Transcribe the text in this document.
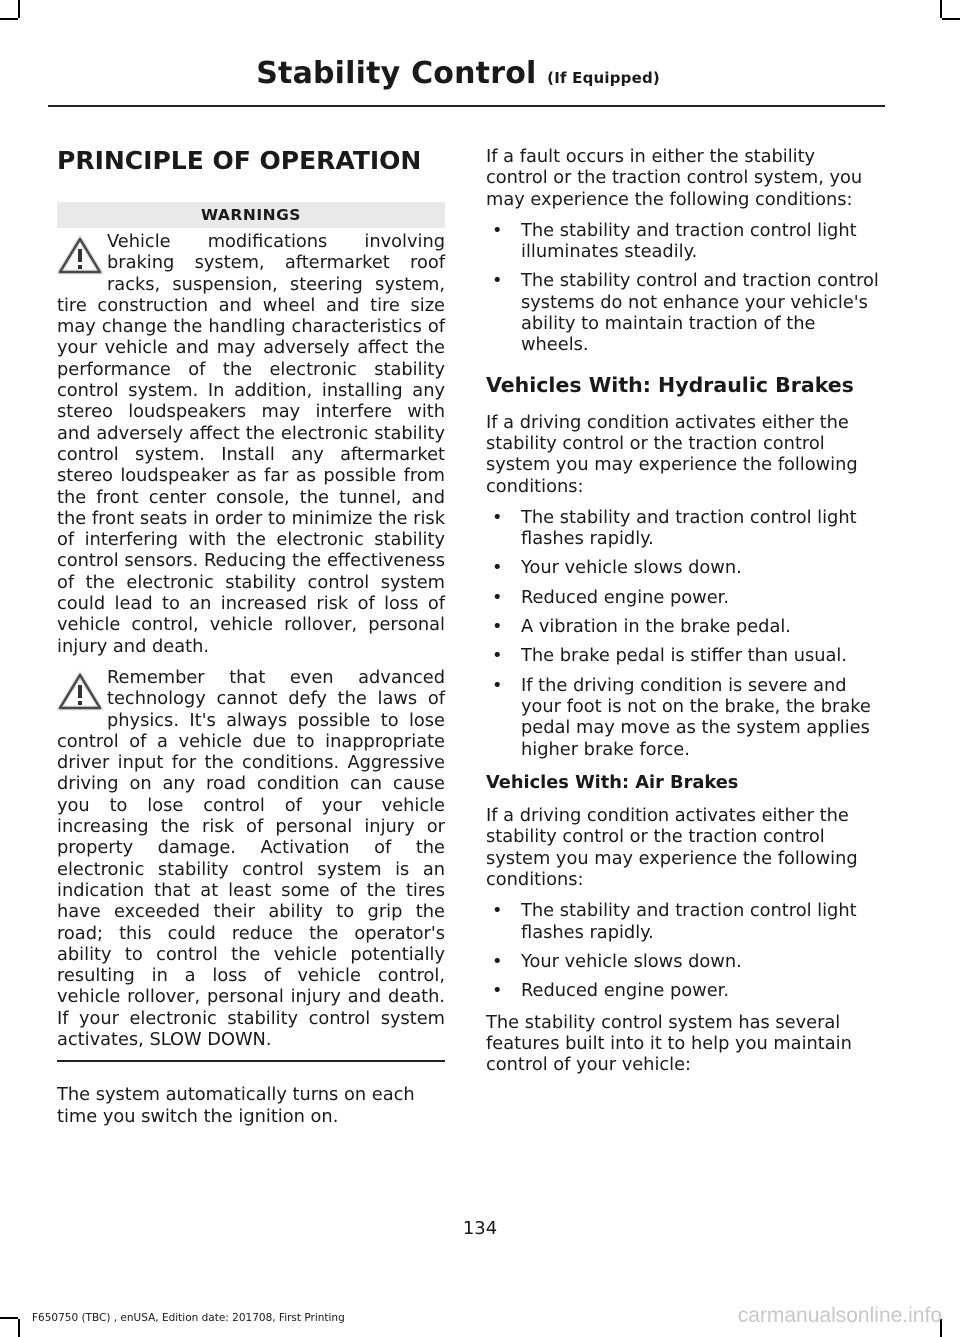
Stability Control (If Equipped)
PRINCIPLE OF OPERATION
WARNINGS

Vehicle modifications involving braking system, aftermarket roof racks, suspension, steering system, tire construction and wheel and tire size may change the handling characteristics of your vehicle and may adversely affect the performance of the electronic stability control system. In addition, installing any stereo loudspeakers may interfere with and adversely affect the electronic stability control system. Install any aftermarket stereo loudspeaker as far as possible from the front center console, the tunnel, and the front seats in order to minimize the risk of interfering with the electronic stability control sensors. Reducing the effectiveness of the electronic stability control system could lead to an increased risk of loss of vehicle control, vehicle rollover, personal injury and death.

Remember that even advanced technology cannot defy the laws of physics. It's always possible to lose control of a vehicle due to inappropriate driver input for the conditions. Aggressive driving on any road condition can cause you to lose control of your vehicle increasing the risk of personal injury or property damage. Activation of the electronic stability control system is an indication that at least some of the tires have exceeded their ability to grip the road; this could reduce the operator's ability to control the vehicle potentially resulting in a loss of vehicle control, vehicle rollover, personal injury and death. If your electronic stability control system activates, SLOW DOWN.

The system automatically turns on each time you switch the ignition on.

If a fault occurs in either the stability control or the traction control system, you may experience the following conditions:

• The stability and traction control light illuminates steadily.
• The stability control and traction control systems do not enhance your vehicle's ability to maintain traction of the wheels.
Vehicles With: Hydraulic Brakes

If a driving condition activates either the stability control or the traction control system you may experience the following conditions:

• The stability and traction control light flashes rapidly.
• Your vehicle slows down.
• Reduced engine power.
• A vibration in the brake pedal.
• The brake pedal is stiffer than usual.
• If the driving condition is severe and your foot is not on the brake, the brake pedal may move as the system applies higher brake force.
Vehicles With: Air Brakes

If a driving condition activates either the stability control or the traction control system you may experience the following conditions:

• The stability and traction control light flashes rapidly.
• Your vehicle slows down.
• Reduced engine power.

The stability control system has several features built into it to help you maintain control of your vehicle:

134
F650750 (TBC) , enUSA, Edition date: 201708, First Printing	carmanualsonline.info
